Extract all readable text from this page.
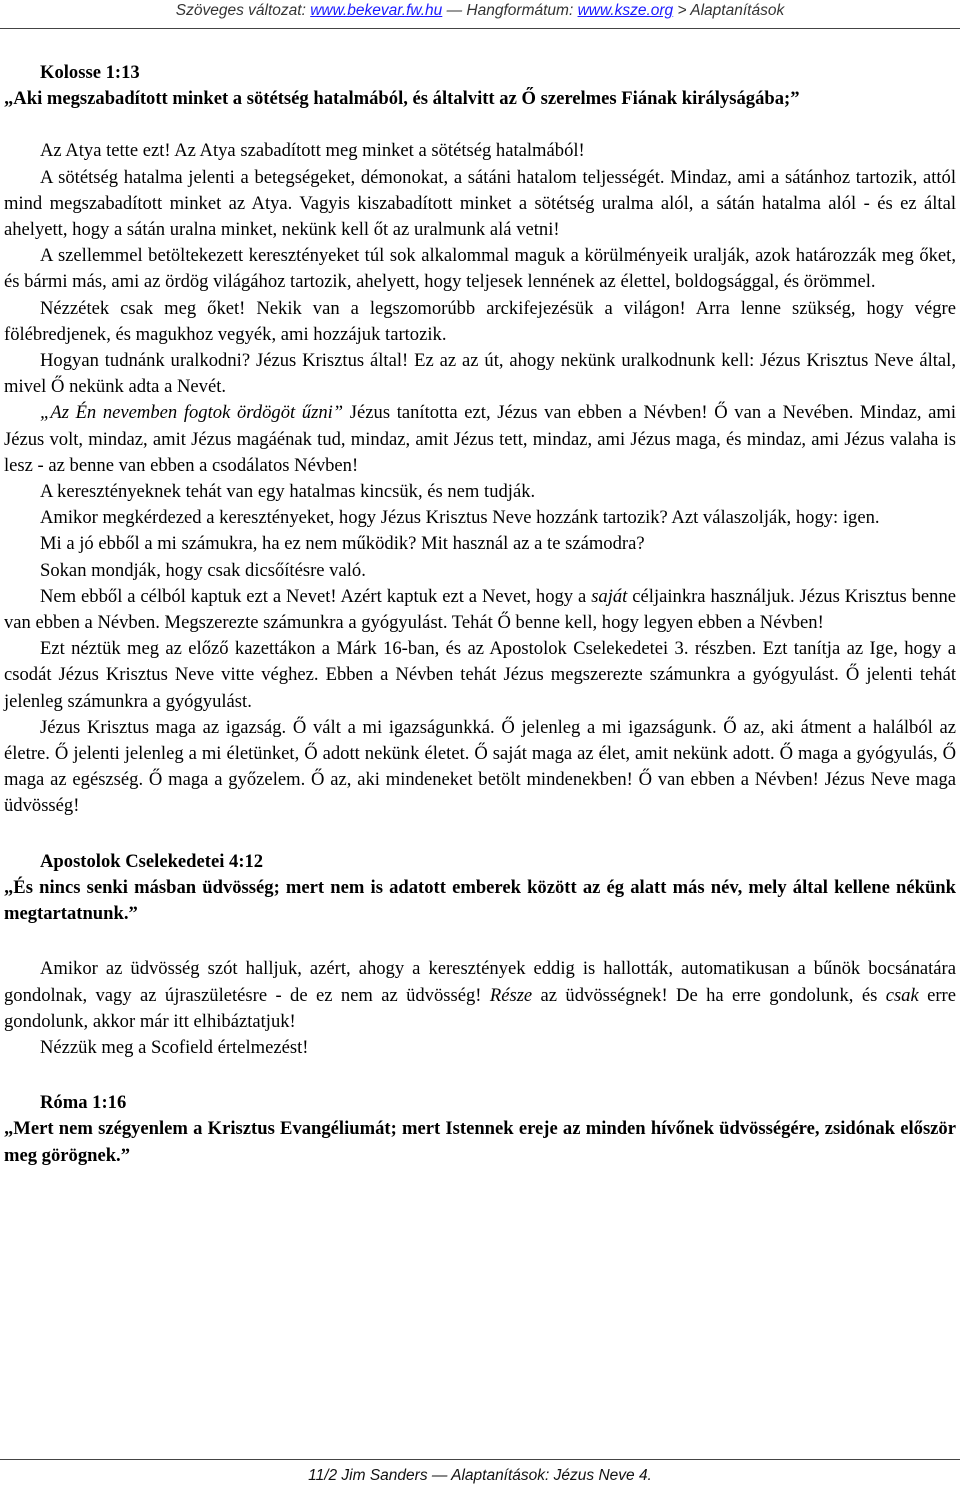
Szöveges változat: www.bekevar.fw.hu — Hangformátum: www.ksze.org > Alaptanítások

Kolosse 1:13

„Aki megszabadított minket a sötétség hatalmából, és általvitt az Ő szerelmes Fiának királyságába;”

Az Atya tette ezt! Az Atya szabadított meg minket a sötétség hatalmából!

A sötétség hatalma jelenti a betegségeket, démonokat, a sátáni hatalom teljességét. Mindaz, ami a sátánhoz tartozik, attól mind megszabadított minket az Atya. Vagyis kiszabadított minket a sötétség uralma alól, a sátán hatalma alól - és ez által ahelyett, hogy a sátán uralna minket, nekünk kell őt az uralmunk alá vetni!

A szellemmel betöltekezett keresztényeket túl sok alkalommal maguk a körülményeik uralják, azok határozzák meg őket, és bármi más, ami az ördög világához tartozik, ahelyett, hogy teljesek lennének az élettel, boldogsággal, és örömmel.

Nézzétek csak meg őket! Nekik van a legszomorúbb arckifejezésük a világon! Arra lenne szükség, hogy végre fölébredjenek, és magukhoz vegyék, ami hozzájuk tartozik.

Hogyan tudnánk uralkodni? Jézus Krisztus által! Ez az az út, ahogy nekünk uralkodnunk kell: Jézus Krisztus Neve által, mivel Ő nekünk adta a Nevét.

„Az Én nevemben fogtok ördögöt űzni” Jézus tanította ezt, Jézus van ebben a Névben! Ő van a Nevében. Mindaz, ami Jézus volt, mindaz, amit Jézus magáénak tud, mindaz, amit Jézus tett, mindaz, ami Jézus maga, és mindaz, ami Jézus valaha is lesz - az benne van ebben a csodálatos Névben!

A keresztényeknek tehát van egy hatalmas kincsük, és nem tudják.

Amikor megkérdezed a keresztényeket, hogy Jézus Krisztus Neve hozzánk tartozik? Azt válaszolják, hogy: igen.

Mi a jó ebből a mi számukra, ha ez nem működik? Mit használ az a te számodra?

Sokan mondják, hogy csak dicsőítésre való.

Nem ebből a célból kaptuk ezt a Nevet! Azért kaptuk ezt a Nevet, hogy a saját céljainkra használjuk. Jézus Krisztus benne van ebben a Névben. Megszerezte számunkra a gyógyulást. Tehát Ő benne kell, hogy legyen ebben a Névben!

Ezt néztük meg az előző kazettákon a Márk 16-ban, és az Apostolok Cselekedetei 3. részben. Ezt tanítja az Ige, hogy a csodát Jézus Krisztus Neve vitte véghez. Ebben a Névben tehát Jézus megszerezte számunkra a gyógyulást. Ő jelenti tehát jelenleg számunkra a gyógyulást.

Jézus Krisztus maga az igazság. Ő vált a mi igazságunkká. Ő jelenleg a mi igazságunk. Ő az, aki átment a halálból az életre. Ő jelenti jelenleg a mi életünket, Ő adott nekünk életet. Ő saját maga az élet, amit nekünk adott. Ő maga a gyógyulás, Ő maga az egészség. Ő maga a győzelem. Ő az, aki mindeneket betölt mindenekben! Ő van ebben a Névben! Jézus Neve maga üdvösség!

Apostolok Cselekedetei 4:12

„És nincs senki másban üdvösség; mert nem is adatott emberek között az ég alatt más név, mely által kellene nékünk megtartatnunk.”

Amikor az üdvösség szót halljuk, azért, ahogy a keresztények eddig is hallották, automatikusan a bűnök bocsánatára gondolnak, vagy az újraszületésre - de ez nem az üdvösség! Része az üdvösségnek! De ha erre gondolunk, és csak erre gondolunk, akkor már itt elhibáztatjuk!

Nézzük meg a Scofield értelmezést!

Róma 1:16

„Mert nem szégyenlem a Krisztus Evangéliumát; mert Istennek ereje az minden hívőnek üdvösségére, zsidónak először meg görögnek.”

11/2 Jim Sanders — Alaptanítások: Jézus Neve 4.
